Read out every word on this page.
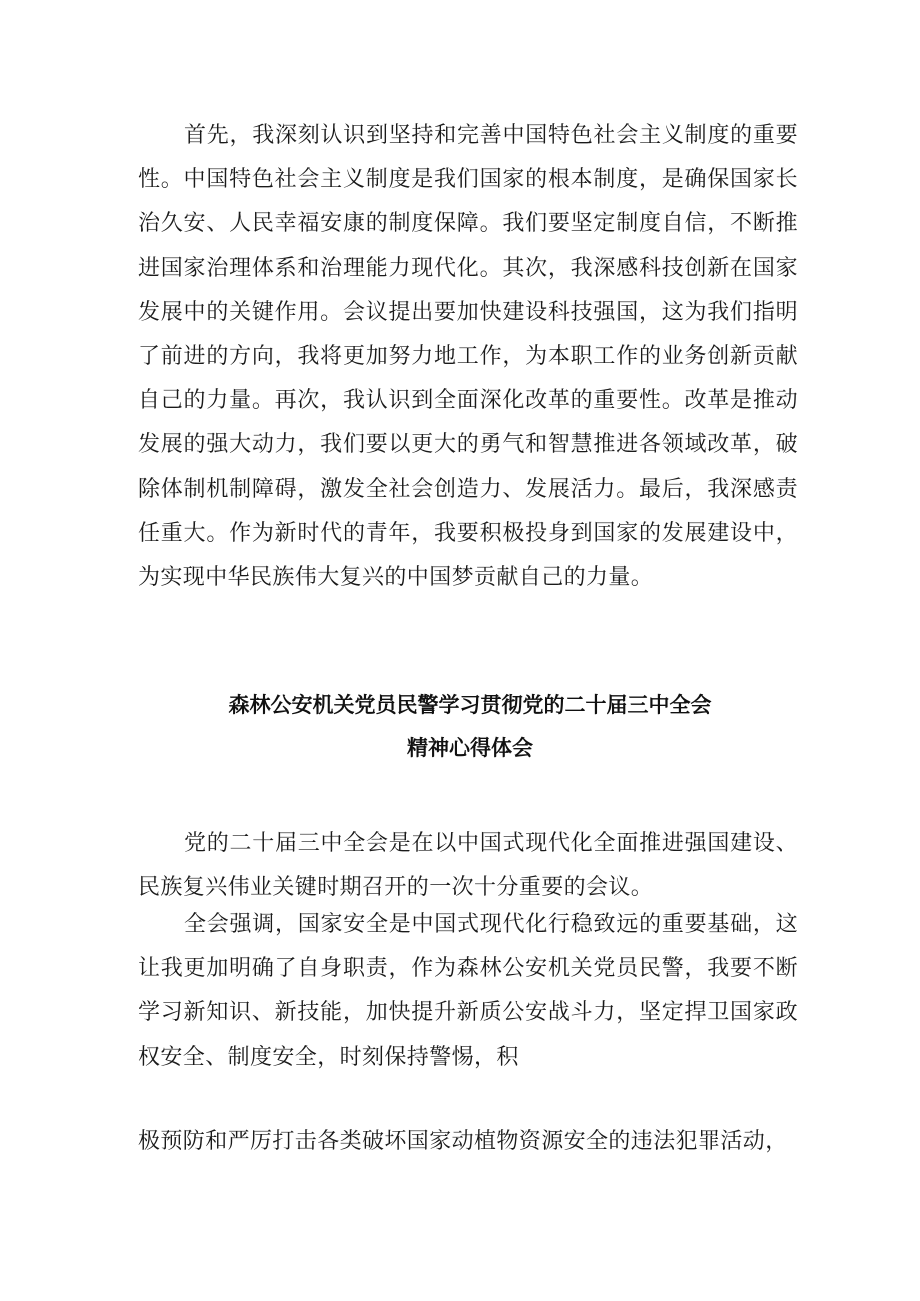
首先，我深刻认识到坚持和完善中国特色社会主义制度的重要性。中国特色社会主义制度是我们国家的根本制度，是确保国家长治久安、人民幸福安康的制度保障。我们要坚定制度自信，不断推进国家治理体系和治理能力现代化。其次，我深感科技创新在国家发展中的关键作用。会议提出要加快建设科技强国，这为我们指明了前进的方向，我将更加努力地工作，为本职工作的业务创新贡献自己的力量。再次，我认识到全面深化改革的重要性。改革是推动发展的强大动力，我们要以更大的勇气和智慧推进各领域改革，破除体制机制障碍，激发全社会创造力、发展活力。最后，我深感责任重大。作为新时代的青年，我要积极投身到国家的发展建设中，为实现中华民族伟大复兴的中国梦贡献自己的力量。

森林公安机关党员民警学习贯彻党的二十届三中全会

精神心得体会

党的二十届三中全会是在以中国式现代化全面推进强国建设、民族复兴伟业关键时期召开的一次十分重要的会议。

全会强调，国家安全是中国式现代化行稳致远的重要基础，这让我更加明确了自身职责，作为森林公安机关党员民警，我要不断学习新知识、新技能，加快提升新质公安战斗力，坚定捍卫国家政权安全、制度安全，时刻保持警惕，积

极预防和严厉打击各类破坏国家动植物资源安全的违法犯罪活动，
